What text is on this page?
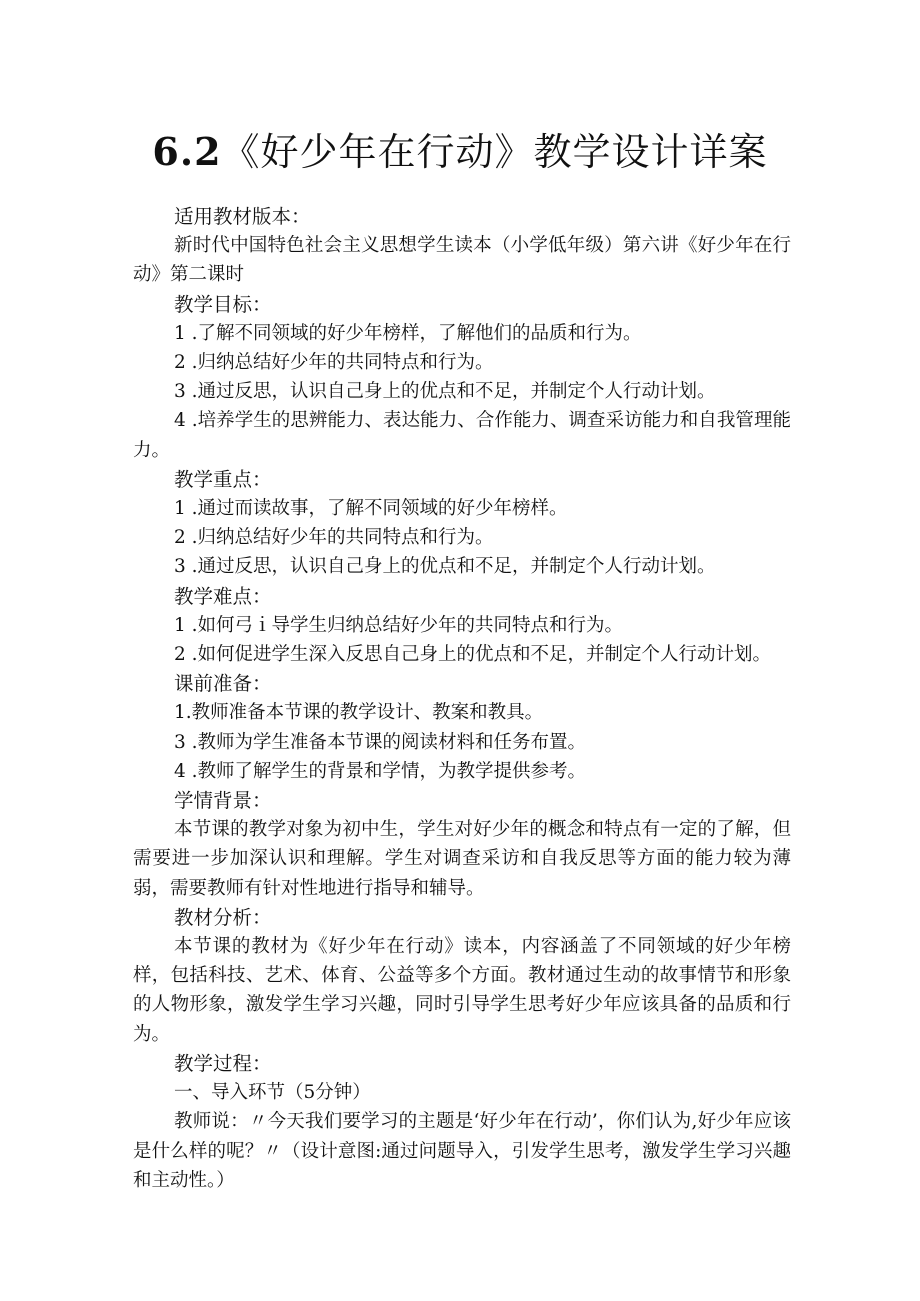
6.2《好少年在行动》教学设计详案

适用教材版本：

新时代中国特色社会主义思想学生读本（小学低年级）第六讲《好少年在行动》第二课时

教学目标：

1 .了解不同领域的好少年榜样，了解他们的品质和行为。

2 .归纳总结好少年的共同特点和行为。

3 .通过反思，认识自己身上的优点和不足，并制定个人行动计划。

4 .培养学生的思辨能力、表达能力、合作能力、调查采访能力和自我管理能力。

教学重点：

1 .通过而读故事，了解不同领域的好少年榜样。

2 .归纳总结好少年的共同特点和行为。

3 .通过反思，认识自己身上的优点和不足，并制定个人行动计划。

教学难点：

1 .如何弓ｉ导学生归纳总结好少年的共同特点和行为。

2 .如何促进学生深入反思自己身上的优点和不足，并制定个人行动计划。

课前准备：

1.教师准备本节课的教学设计、教案和教具。

3 .教师为学生准备本节课的阅读材料和任务布置。

4 .教师了解学生的背景和学情，为教学提供参考。

学情背景：

本节课的教学对象为初中生，学生对好少年的概念和特点有一定的了解，但需要进一步加深认识和理解。学生对调查采访和自我反思等方面的能力较为薄弱，需要教师有针对性地进行指导和辅导。

教材分析：

本节课的教材为《好少年在行动》读本，内容涵盖了不同领域的好少年榜样，包括科技、艺术、体育、公益等多个方面。教材通过生动的故事情节和形象的人物形象，激发学生学习兴趣，同时引导学生思考好少年应该具备的品质和行为。

教学过程：

一、导入环节（5分钟）

教师说：〃今天我们要学习的主题是‘好少年在行动’，你们认为,好少年应该是什么样的呢？〃（设计意图:通过问题导入，引发学生思考，激发学生学习兴趣和主动性。）
